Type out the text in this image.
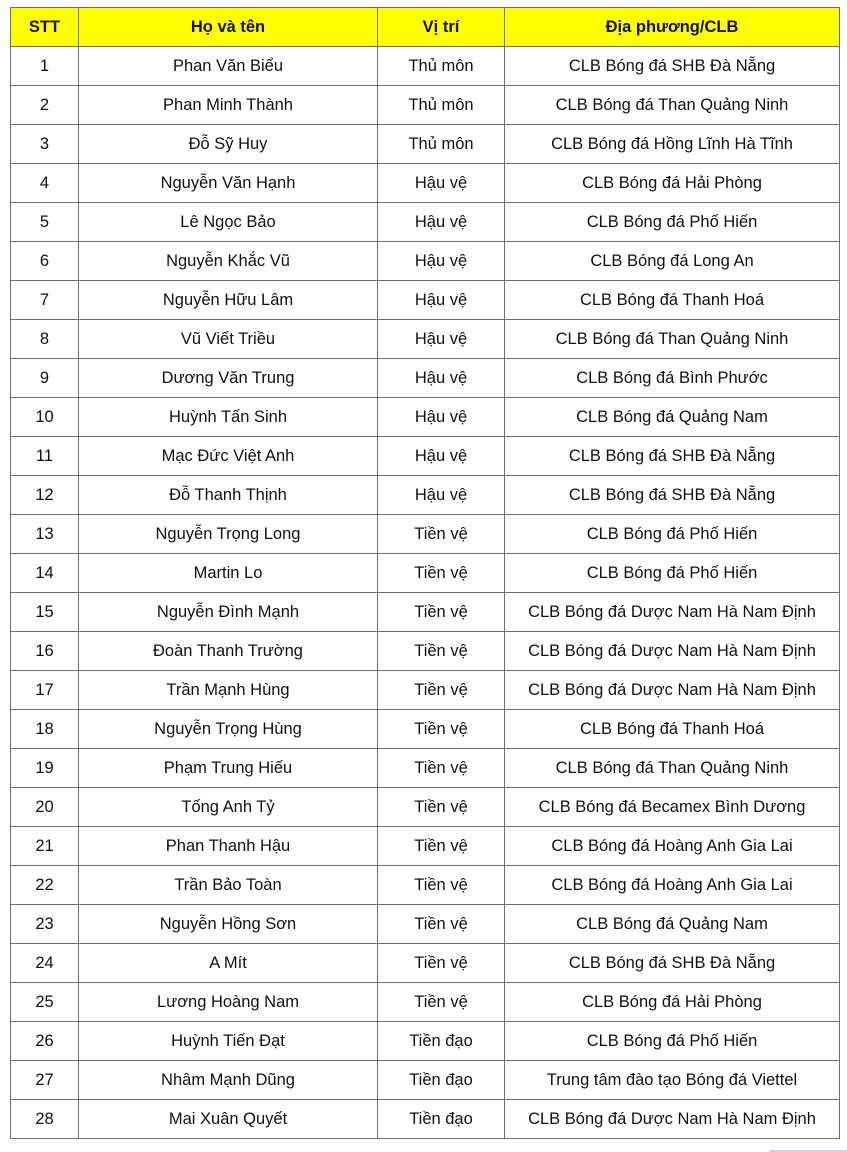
STT	Họ và tên	Vị trí	Địa phương/CLB
1	Phan Văn Biểu	Thủ môn	CLB Bóng đá SHB Đà Nẵng
2	Phan Minh Thành	Thủ môn	CLB Bóng đá Than Quảng Ninh
3	Đỗ Sỹ Huy	Thủ môn	CLB Bóng đá Hồng Lĩnh Hà Tĩnh
4	Nguyễn Văn Hạnh	Hậu vệ	CLB Bóng đá Hải Phòng
5	Lê Ngọc Bảo	Hậu vệ	CLB Bóng đá Phố Hiến
6	Nguyễn Khắc Vũ	Hậu vệ	CLB Bóng đá Long An
7	Nguyễn Hữu Lâm	Hậu vệ	CLB Bóng đá Thanh Hoá
8	Vũ Viết Triều	Hậu vệ	CLB Bóng đá Than Quảng Ninh
9	Dương Văn Trung	Hậu vệ	CLB Bóng đá Bình Phước
10	Huỳnh Tấn Sinh	Hậu vệ	CLB Bóng đá Quảng Nam
11	Mạc Đức Việt Anh	Hậu vệ	CLB Bóng đá SHB Đà Nẵng
12	Đỗ Thanh Thịnh	Hậu vệ	CLB Bóng đá SHB Đà Nẵng
13	Nguyễn Trọng Long	Tiền vệ	CLB Bóng đá Phố Hiến
14	Martin Lo	Tiền vệ	CLB Bóng đá Phố Hiến
15	Nguyễn Đình Mạnh	Tiền vệ	CLB Bóng đá Dược Nam Hà Nam Định
16	Đoàn Thanh Trường	Tiền vệ	CLB Bóng đá Dược Nam Hà Nam Định
17	Trần Mạnh Hùng	Tiền vệ	CLB Bóng đá Dược Nam Hà Nam Định
18	Nguyễn Trọng Hùng	Tiền vệ	CLB Bóng đá Thanh Hoá
19	Phạm Trung Hiếu	Tiền vệ	CLB Bóng đá Than Quảng Ninh
20	Tống Anh Tỷ	Tiền vệ	CLB Bóng đá Becamex Bình Dương
21	Phan Thanh Hậu	Tiền vệ	CLB Bóng đá Hoàng Anh Gia Lai
22	Trần Bảo Toàn	Tiền vệ	CLB Bóng đá Hoàng Anh Gia Lai
23	Nguyễn Hồng Sơn	Tiền vệ	CLB Bóng đá Quảng Nam
24	A Mít	Tiền vệ	CLB Bóng đá SHB Đà Nẵng
25	Lương Hoàng Nam	Tiền vệ	CLB Bóng đá Hải Phòng
26	Huỳnh Tiến Đạt	Tiền đạo	CLB Bóng đá Phố Hiến
27	Nhâm Mạnh Dũng	Tiền đạo	Trung tâm đào tạo Bóng đá Viettel
28	Mai Xuân Quyết	Tiền đạo	CLB Bóng đá Dược Nam Hà Nam Định
